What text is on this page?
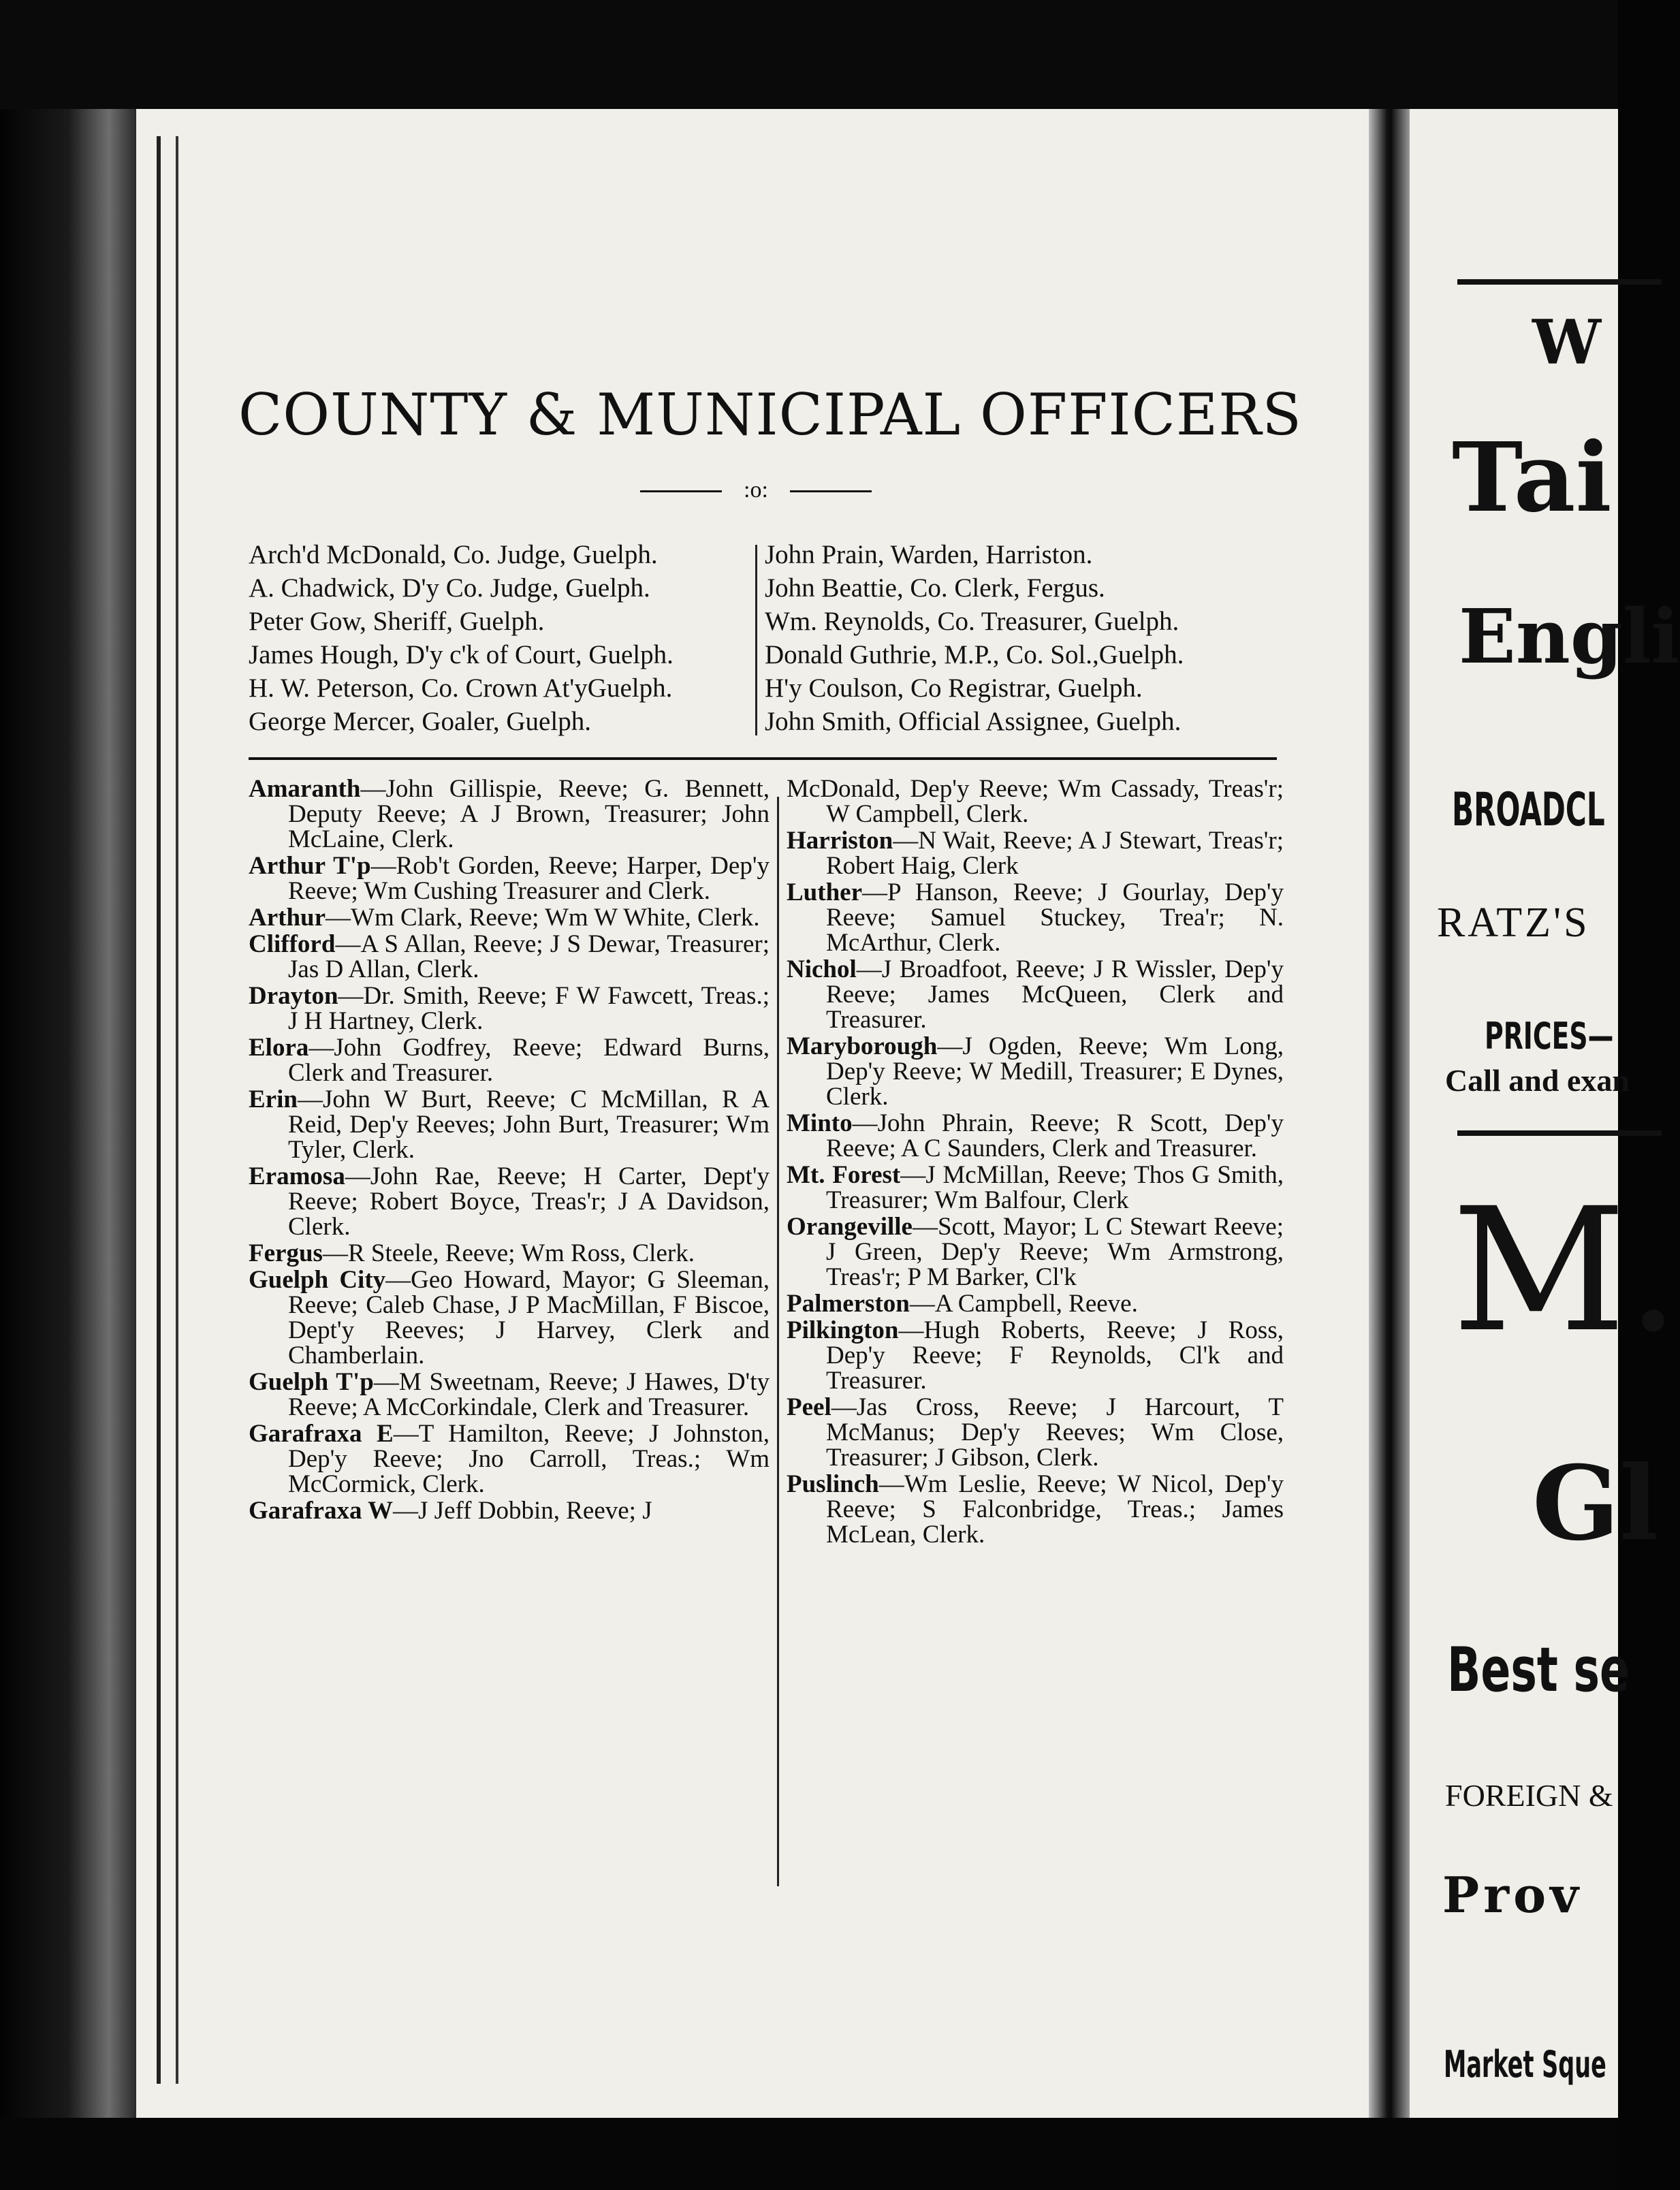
COUNTY & MUNICIPAL OFFICERS
:o:
Arch'd McDonald, Co. Judge, Guelph.
A. Chadwick, D'y Co. Judge, Guelph.
Peter Gow, Sheriff, Guelph.
James Hough, D'y c'k of Court, Guelph.
H. W. Peterson, Co. Crown At'yGuelph.
George Mercer, Goaler, Guelph.
John Prain, Warden, Harriston.
John Beattie, Co. Clerk, Fergus.
Wm. Reynolds, Co. Treasurer, Guelph.
Donald Guthrie, M.P., Co. Sol.,Guelph.
H'y Coulson, Co Registrar, Guelph.
John Smith, Official Assignee, Guelph.
Amaranth—John Gillispie, Reeve; G. Bennett, Deputy Reeve; A J Brown, Treasurer; John McLaine, Clerk.
Arthur T'p—Rob't Gorden, Reeve; Harper, Dep'y Reeve; Wm Cushing Treasurer and Clerk.
Arthur—Wm Clark, Reeve; Wm W White, Clerk.
Clifford—A S Allan, Reeve; J S Dewar, Treasurer; Jas D Allan, Clerk.
Drayton—Dr. Smith, Reeve; F W Fawcett, Treas.; J H Hartney, Clerk.
Elora—John Godfrey, Reeve; Edward Burns, Clerk and Treasurer.
Erin—John W Burt, Reeve; C McMillan, R A Reid, Dep'y Reeves; John Burt, Treasurer; Wm Tyler, Clerk.
Eramosa—John Rae, Reeve; H Carter, Dept'y Reeve; Robert Boyce, Treas'r; J A Davidson, Clerk.
Fergus—R Steele, Reeve; Wm Ross, Clerk.
Guelph City—Geo Howard, Mayor; G Sleeman, Reeve; Caleb Chase, J P MacMillan, F Biscoe, Dept'y Reeves; J Harvey, Clerk and Chamberlain.
Guelph T'p—M Sweetnam, Reeve; J Hawes, D'ty Reeve; A McCorkindale, Clerk and Treasurer.
Garafraxa E—T Hamilton, Reeve; J Johnston, Dep'y Reeve; Jno Carroll, Treas.; Wm McCormick, Clerk.
Garafraxa W—J Jeff Dobbin, Reeve; J
McDonald, Dep'y Reeve; Wm Cassady, Treas'r; W Campbell, Clerk.
Harriston—N Wait, Reeve; A J Stewart, Treas'r; Robert Haig, Clerk
Luther—P Hanson, Reeve; J Gourlay, Dep'y Reeve; Samuel Stuckey, Trea'r; N. McArthur, Clerk.
Nichol—J Broadfoot, Reeve; J R Wissler, Dep'y Reeve; James McQueen, Clerk and Treasurer.
Maryborough—J Ogden, Reeve; Wm Long, Dep'y Reeve; W Medill, Treasurer; E Dynes, Clerk.
Minto—John Phrain, Reeve; R Scott, Dep'y Reeve; A C Saunders, Clerk and Treasurer.
Mt. Forest—J McMillan, Reeve; Thos G Smith, Treasurer; Wm Balfour, Clerk
Orangeville—Scott, Mayor; L C Stewart Reeve; J Green, Dep'y Reeve; Wm Armstrong, Treas'r; P M Barker, Cl'k
Palmerston—A Campbell, Reeve.
Pilkington—Hugh Roberts, Reeve; J Ross, Dep'y Reeve; F Reynolds, Cl'k and Treasurer.
Peel—Jas Cross, Reeve; J Harcourt, T McManus; Dep'y Reeves; Wm Close, Treasurer; J Gibson, Clerk.
Puslinch—Wm Leslie, Reeve; W Nicol, Dep'y Reeve; S Falconbridge, Treas.; James McLean, Clerk.
W
Tai
Engli
BROADCL
RATZ'S
PRICES—
Call and exan
M.
Gl
Best se
FOREIGN &
Prov
Market Sque
